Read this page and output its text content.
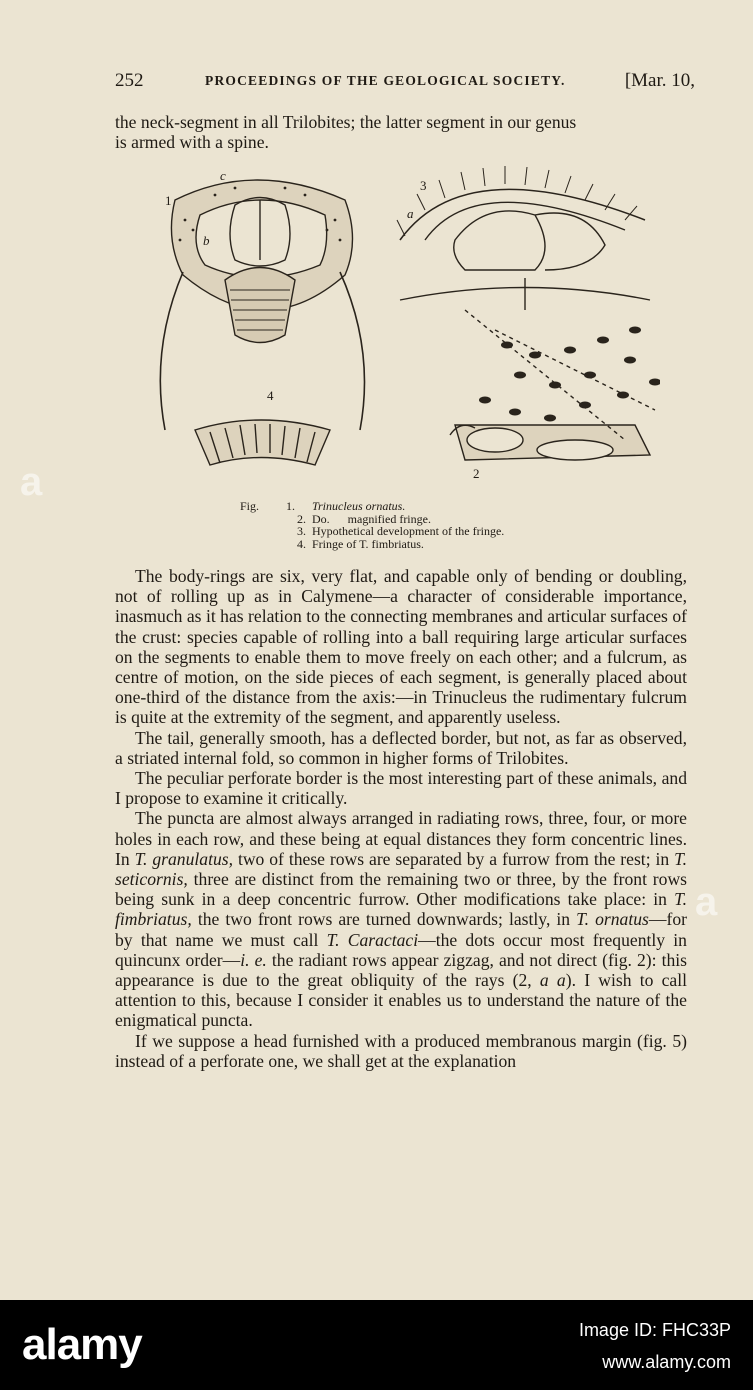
252	PROCEEDINGS OF THE GEOLOGICAL SOCIETY.	[Mar. 10,

the neck-segment in all Trilobites; the latter segment in our genus

is armed with a spine.

1
2
3
4
a
b
c
Fig.	1.	Trinucleus ornatus.
2. Do.      magnified fringe.
3. Hypothetical development of the fringe.
4. Fringe of T. fimbriatus.

The body-rings are six, very flat, and capable only of bending or doubling, not of rolling up as in Calymene—a character of considerable importance, inasmuch as it has relation to the connecting membranes and articular surfaces of the crust: species capable of rolling into a ball requiring large articular surfaces on the segments to enable them to move freely on each other; and a fulcrum, as centre of motion, on the side pieces of each segment, is generally placed about one-third of the distance from the axis:—in Trinucleus the rudimentary fulcrum is quite at the extremity of the segment, and apparently useless.

The tail, generally smooth, has a deflected border, but not, as far as observed, a striated internal fold, so common in higher forms of Trilobites.

The peculiar perforate border is the most interesting part of these animals, and I propose to examine it critically.

The puncta are almost always arranged in radiating rows, three, four, or more holes in each row, and these being at equal distances they form concentric lines. In T. granulatus, two of these rows are separated by a furrow from the rest; in T. seticornis, three are distinct from the remaining two or three, by the front rows being sunk in a deep concentric furrow. Other modifications take place: in T. fimbriatus, the two front rows are turned downwards; lastly, in T. ornatus—for by that name we must call T. Caractaci—the dots occur most frequently in quincunx order—i. e. the radiant rows appear zigzag, and not direct (fig. 2): this appearance is due to the great obliquity of the rays (2, a a). I wish to call attention to this, because I consider it enables us to understand the nature of the enigmatical puncta.

If we suppose a head furnished with a produced membranous margin (fig. 5) instead of a perforate one, we shall get at the explanation

a
a
alamy	Image ID: FHC33P
www.alamy.com
